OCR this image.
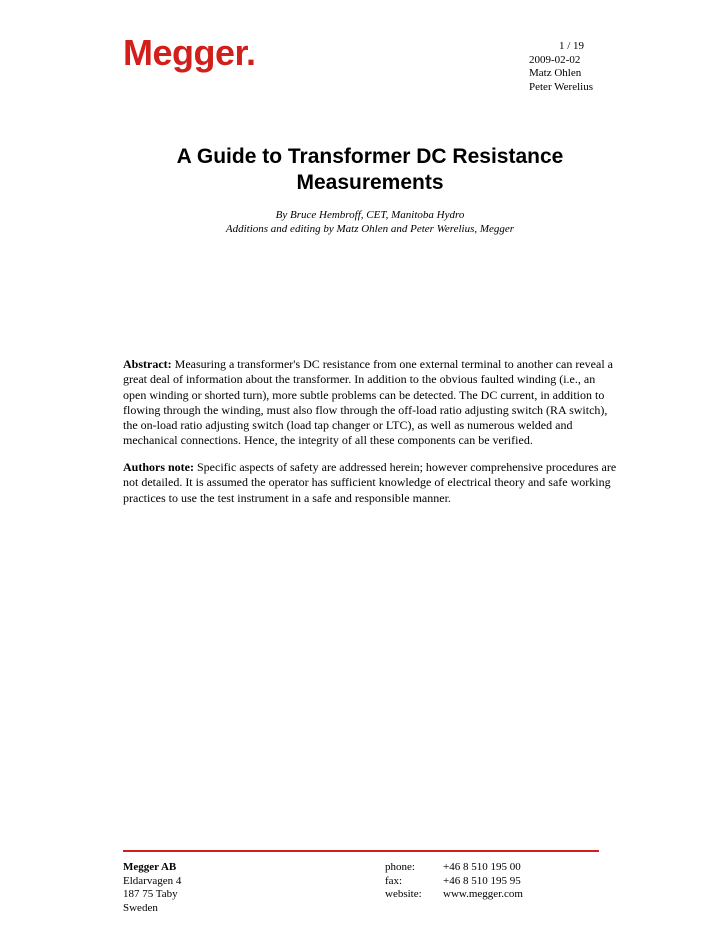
Megger.	1 / 19
2009-02-02
Matz Ohlen
Peter Werelius
A Guide to Transformer DC Resistance
Measurements
By Bruce Hembroff, CET, Manitoba Hydro
Additions and editing by Matz Ohlen and Peter Werelius, Megger

Abstract: Measuring a transformer's DC resistance from one external terminal to another can reveal a great deal of information about the transformer. In addition to the obvious faulted winding (i.e., an open winding or shorted turn), more subtle problems can be detected. The DC current, in addition to flowing through the winding, must also flow through the off-load ratio adjusting switch (RA switch), the on-load ratio adjusting switch (load tap changer or LTC), as well as numerous welded and mechanical connections. Hence, the integrity of all these components can be verified.

Authors note: Specific aspects of safety are addressed herein; however comprehensive procedures are not detailed. It is assumed the operator has sufficient knowledge of electrical theory and safe working practices to use the test instrument in a safe and responsible manner.

Megger AB
Eldarvagen 4
187 75 Taby
Sweden
phone:	+46 8 510 195 00
fax:	+46 8 510 195 95
website:	www.megger.com
